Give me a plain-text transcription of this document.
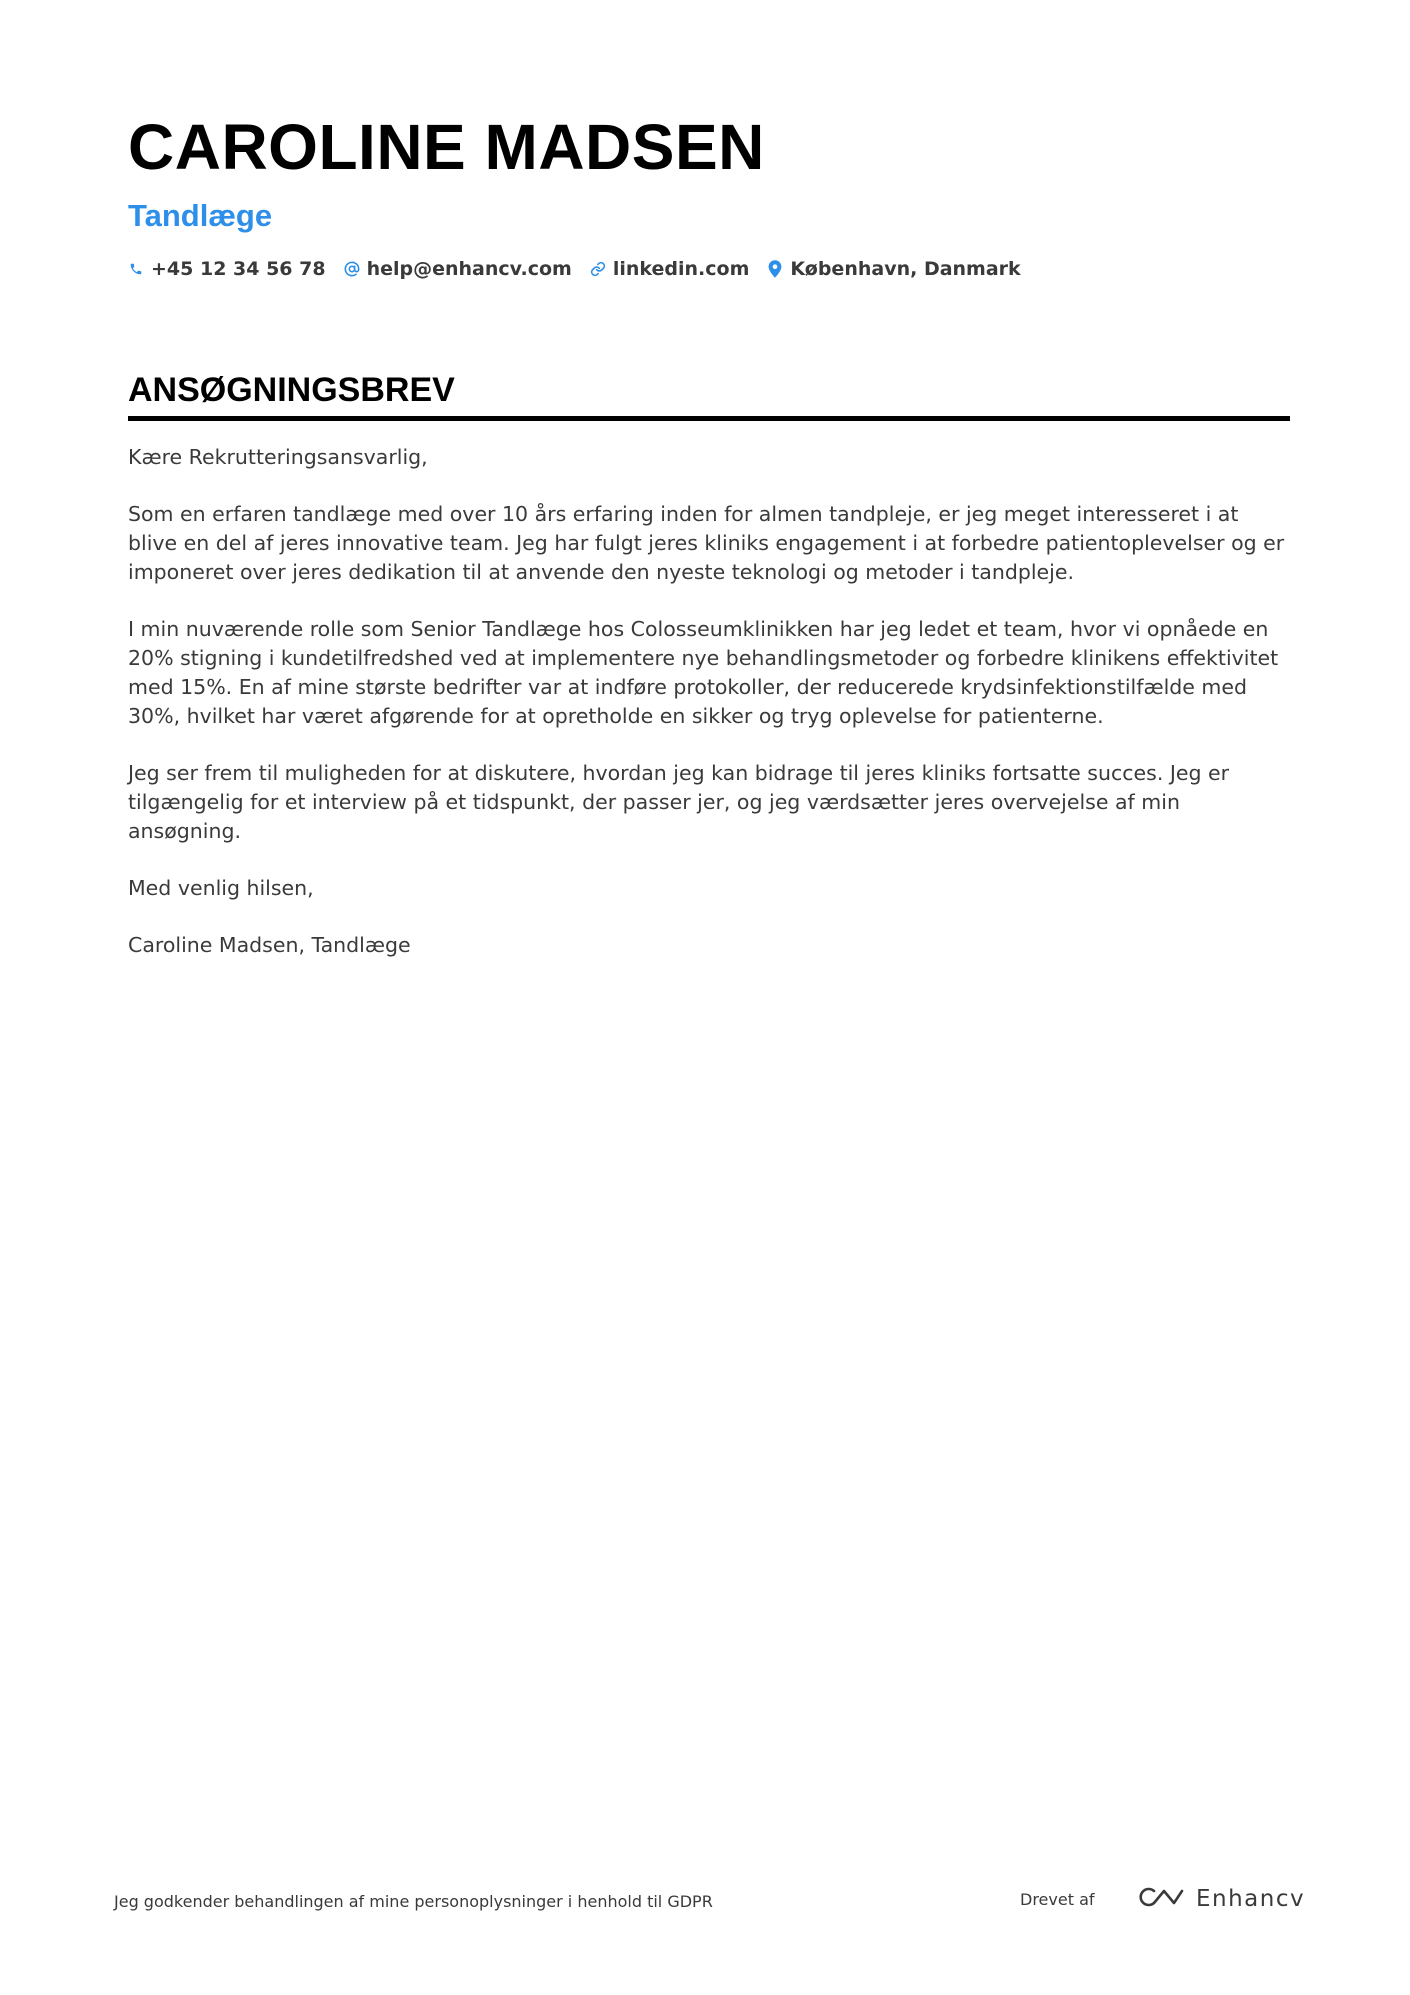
CAROLINE MADSEN
Tandlæge
+45 12 34 56 78 help@enhancv.com linkedin.com København, Danmark
ANSØGNINGSBREV

Kære Rekrutteringsansvarlig,

Som en erfaren tandlæge med over 10 års erfaring inden for almen tandpleje, er jeg meget interesseret i at blive en del af jeres innovative team. Jeg har fulgt jeres kliniks engagement i at forbedre patientoplevelser og er imponeret over jeres dedikation til at anvende den nyeste teknologi og metoder i tandpleje.

I min nuværende rolle som Senior Tandlæge hos Colosseumklinikken har jeg ledet et team, hvor vi opnåede en 20% stigning i kundetilfredshed ved at implementere nye behandlingsmetoder og forbedre klinikens effektivitet med 15%. En af mine største bedrifter var at indføre protokoller, der reducerede krydsinfektionstilfælde med 30%, hvilket har været afgørende for at opretholde en sikker og tryg oplevelse for patienterne.

Jeg ser frem til muligheden for at diskutere, hvordan jeg kan bidrage til jeres kliniks fortsatte succes. Jeg er tilgængelig for et interview på et tidspunkt, der passer jer, og jeg værdsætter jeres overvejelse af min ansøgning.

Med venlig hilsen,

Caroline Madsen, Tandlæge

Jeg godkender behandlingen af mine personoplysninger i henhold til GDPR	Drevet af	Enhancv
